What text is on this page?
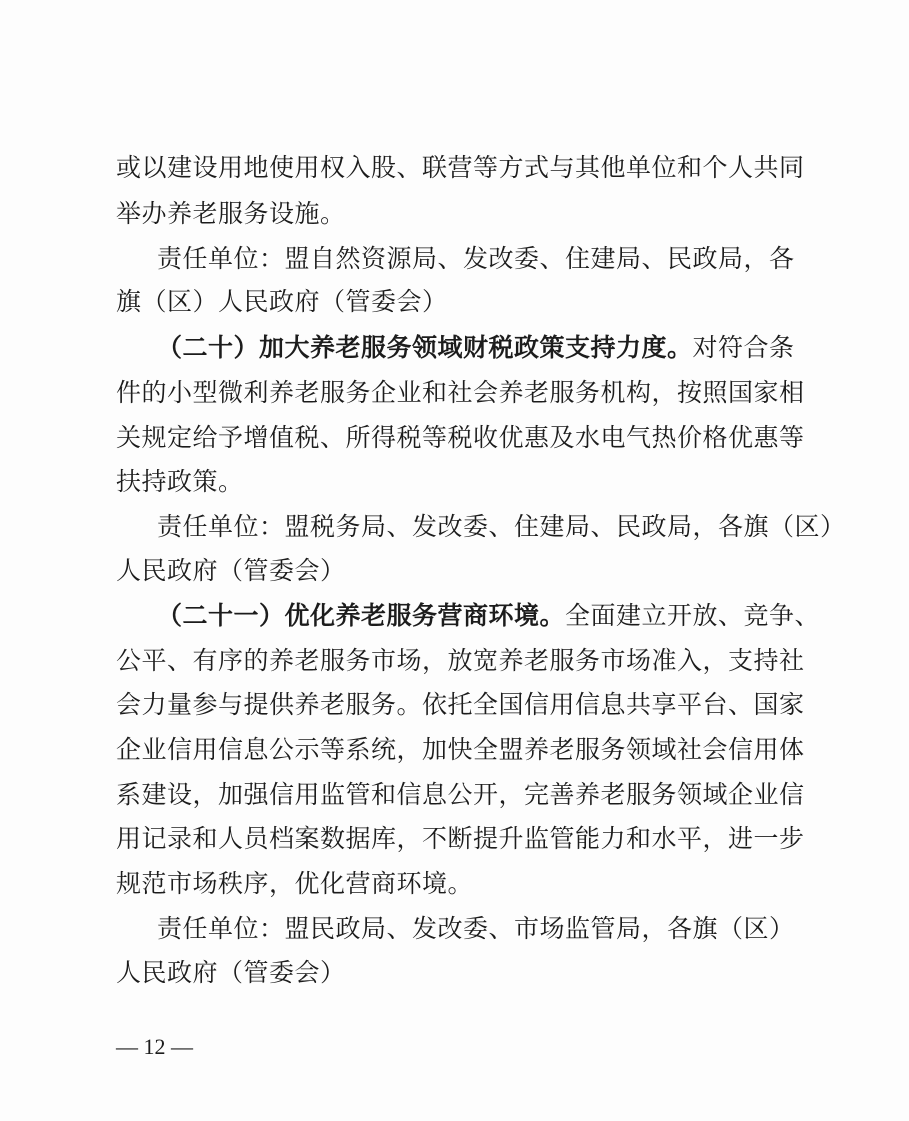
或以建设用地使用权入股、联营等方式与其他单位和个人共同
举办养老服务设施。
责任单位：盟自然资源局、发改委、住建局、民政局，各
旗（区）人民政府（管委会）
（二十）加大养老服务领域财税政策支持力度。 对符合条
件的小型微利养老服务企业和社会养老服务机构，按照国家相
关规定给予增值税、所得税等税收优惠及水电气热价格优惠等
扶持政策。
责任单位：盟税务局、发改委、住建局、民政局，各旗（区）
人民政府（管委会）
（二十一）优化养老服务营商环境。 全面建立开放、竞争、
公平、有序的养老服务市场，放宽养老服务市场准入，支持社
会力量参与提供养老服务。依托全国信用信息共享平台、国家
企业信用信息公示等系统，加快全盟养老服务领域社会信用体
系建设，加强信用监管和信息公开，完善养老服务领域企业信
用记录和人员档案数据库，不断提升监管能力和水平，进一步
规范市场秩序，优化营商环境。
责任单位：盟民政局、发改委、市场监管局，各旗（区）
人民政府（管委会）
— 12 —
